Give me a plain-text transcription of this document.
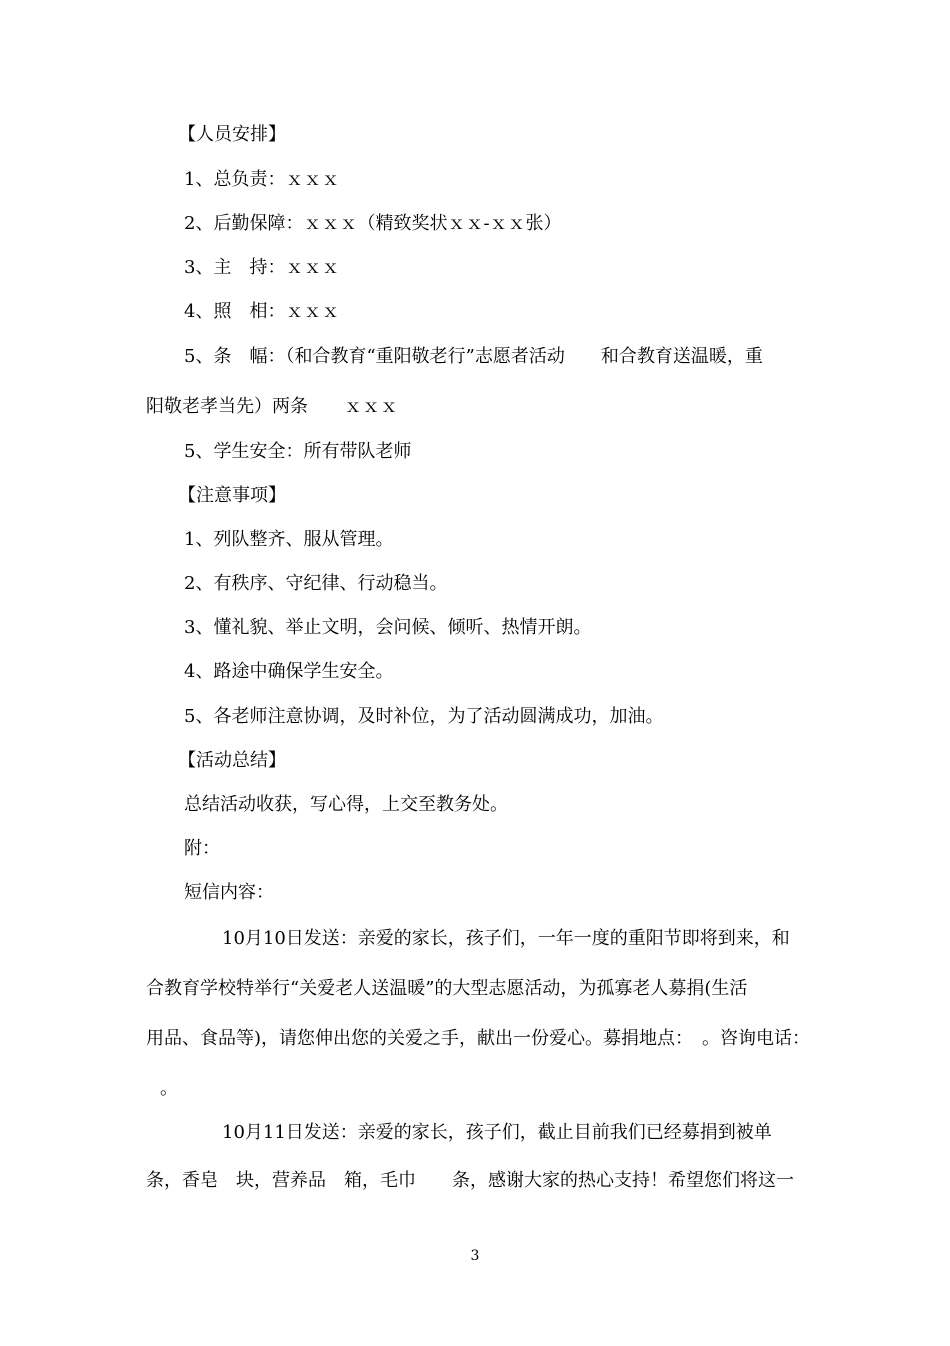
【人员安排】
1、总负责：ｘｘｘ
2、后勤保障：ｘｘｘ（精致奖状ｘｘ-ｘｘ张）
3、主　持：ｘｘｘ
4、照　相：ｘｘｘ
5、条　幅：（和合教育“重阳敬老行”志愿者活动　　和合教育送温暖，重
阳敬老孝当先）两条　　ｘｘｘ
5、学生安全：所有带队老师
【注意事项】
1、列队整齐、服从管理。
2、有秩序、守纪律、行动稳当。
3、懂礼貌、举止文明，会问候、倾听、热情开朗。
4、路途中确保学生安全。
5、各老师注意协调，及时补位，为了活动圆满成功，加油。
【活动总结】
总结活动收获，写心得，上交至教务处。
附：
短信内容：
10月10日发送：亲爱的家长，孩子们，一年一度的重阳节即将到来，和
合教育学校特举行“关爱老人送温暖”的大型志愿活动，为孤寡老人募捐(生活
用品、食品等)，请您伸出您的关爱之手，献出一份爱心。募捐地点：　。咨询电话：
。
10月11日发送：亲爱的家长，孩子们，截止目前我们已经募捐到被单
条，香皂　块，营养品　箱，毛巾　　条，感谢大家的热心支持！希望您们将这一
3
